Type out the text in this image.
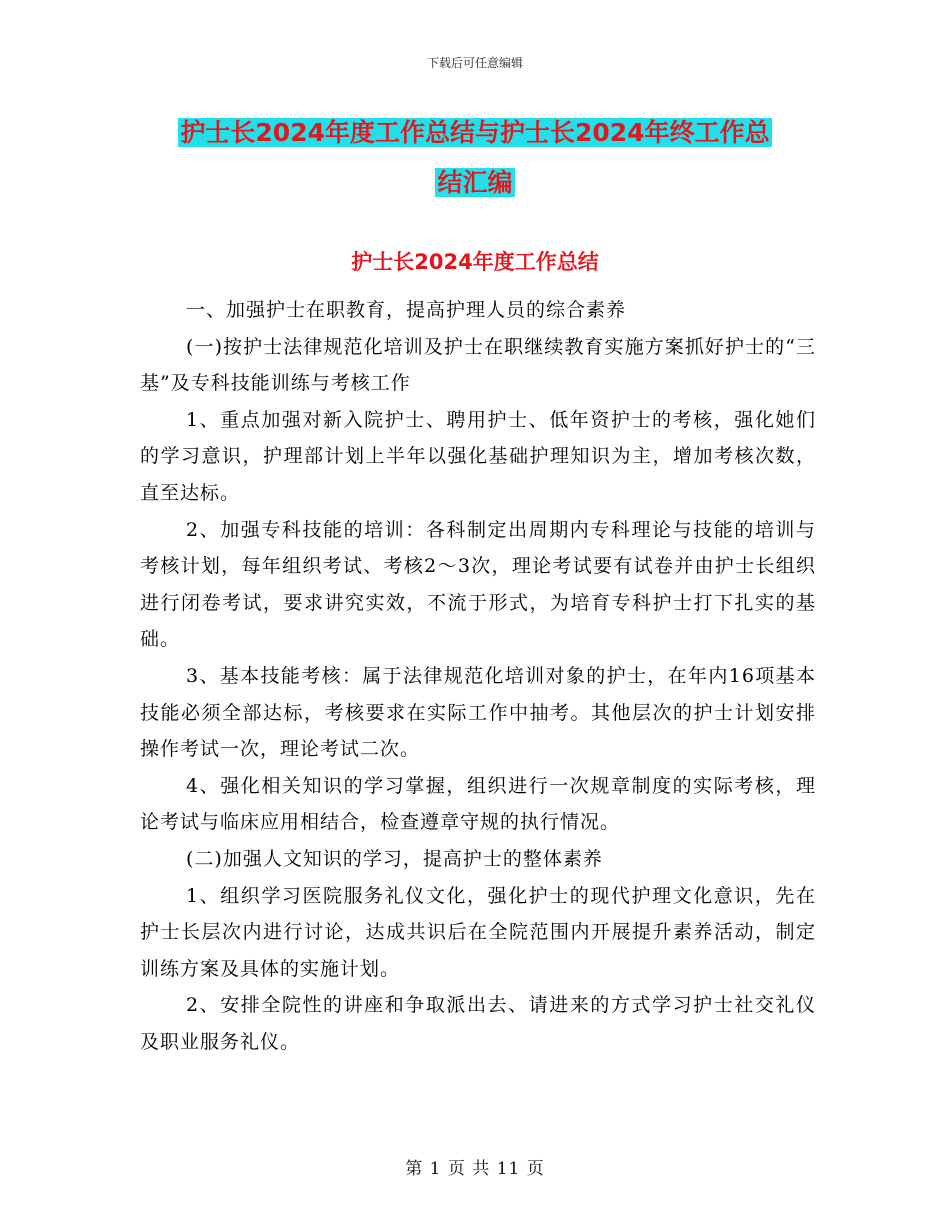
下载后可任意编辑
护士长2024年度工作总结与护士长2024年终工作总
结汇编
护士长2024年度工作总结

一、加强护士在职教育，提高护理人员的综合素养

(一)按护士法律规范化培训及护士在职继续教育实施方案抓好护士的“三基”及专科技能训练与考核工作

1、重点加强对新入院护士、聘用护士、低年资护士的考核，强化她们的学习意识，护理部计划上半年以强化基础护理知识为主，增加考核次数，直至达标。

2、加强专科技能的培训：各科制定出周期内专科理论与技能的培训与考核计划，每年组织考试、考核2～3次，理论考试要有试卷并由护士长组织进行闭卷考试，要求讲究实效，不流于形式，为培育专科护士打下扎实的基础。

3、基本技能考核：属于法律规范化培训对象的护士，在年内16项基本技能必须全部达标，考核要求在实际工作中抽考。其他层次的护士计划安排操作考试一次，理论考试二次。

4、强化相关知识的学习掌握，组织进行一次规章制度的实际考核，理论考试与临床应用相结合，检查遵章守规的执行情况。

(二)加强人文知识的学习，提高护士的整体素养

1、组织学习医院服务礼仪文化，强化护士的现代护理文化意识，先在护士长层次内进行讨论，达成共识后在全院范围内开展提升素养活动，制定训练方案及具体的实施计划。

2、安排全院性的讲座和争取派出去、请进来的方式学习护士社交礼仪及职业服务礼仪。

第 1 页 共 11 页
